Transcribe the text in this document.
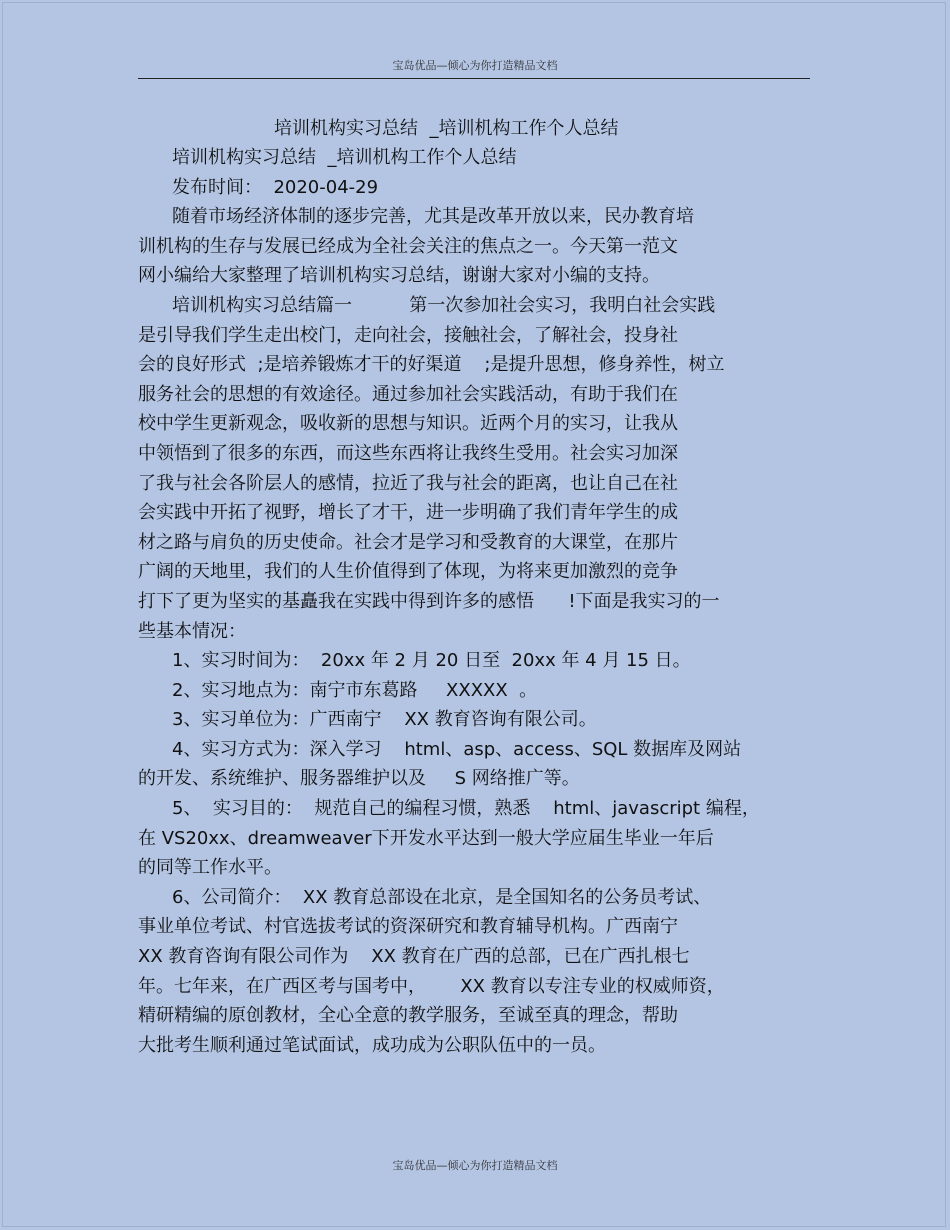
宝岛优品—倾心为你打造精品文档
培训机构实习总结  _培训机构工作个人总结
培训机构实习总结  _培训机构工作个人总结
发布时间：  2020-04-29
随着市场经济体制的逐步完善，尤其是改革开放以来，民办教育培
训机构的生存与发展已经成为全社会关注的焦点之一。今天第一范文
网小编给大家整理了培训机构实习总结，谢谢大家对小编的支持。
培训机构实习总结篇一          第一次参加社会实习，我明白社会实践
是引导我们学生走出校门，走向社会，接触社会，了解社会，投身社
会的良好形式  ;是培养锻炼才干的好渠道    ;是提升思想，修身养性，树立
服务社会的思想的有效途径。通过参加社会实践活动，有助于我们在
校中学生更新观念，吸收新的思想与知识。近两个月的实习，让我从
中领悟到了很多的东西，而这些东西将让我终生受用。社会实习加深
了我与社会各阶层人的感情，拉近了我与社会的距离，也让自己在社
会实践中开拓了视野，增长了才干，进一步明确了我们青年学生的成
材之路与肩负的历史使命。社会才是学习和受教育的大课堂，在那片
广阔的天地里，我们的人生价值得到了体现，为将来更加激烈的竞争
打下了更为坚实的基矗我在实践中得到许多的感悟      !下面是我实习的一
些基本情况：
1、实习时间为：  20xx 年 2 月 20 日至  20xx 年 4 月 15 日。
2、实习地点为：南宁市东葛路     XXXXX  。
3、实习单位为：广西南宁    XX 教育咨询有限公司。
4、实习方式为：深入学习    html、asp、access、SQL 数据库及网站
的开发、系统维护、服务器维护以及     S 网络推广等。
5、  实习目的：  规范自己的编程习惯，熟悉    html、javascript 编程，
在 VS20xx、dreamweaver下开发水平达到一般大学应届生毕业一年后
的同等工作水平。
6、公司简介：  XX 教育总部设在北京，是全国知名的公务员考试、
事业单位考试、村官选拔考试的资深研究和教育辅导机构。广西南宁
XX 教育咨询有限公司作为    XX 教育在广西的总部，已在广西扎根七
年。七年来，在广西区考与国考中，      XX 教育以专注专业的权威师资，
精研精编的原创教材，全心全意的教学服务，至诚至真的理念，帮助
大批考生顺利通过笔试面试，成功成为公职队伍中的一员。
宝岛优品—倾心为你打造精品文档
